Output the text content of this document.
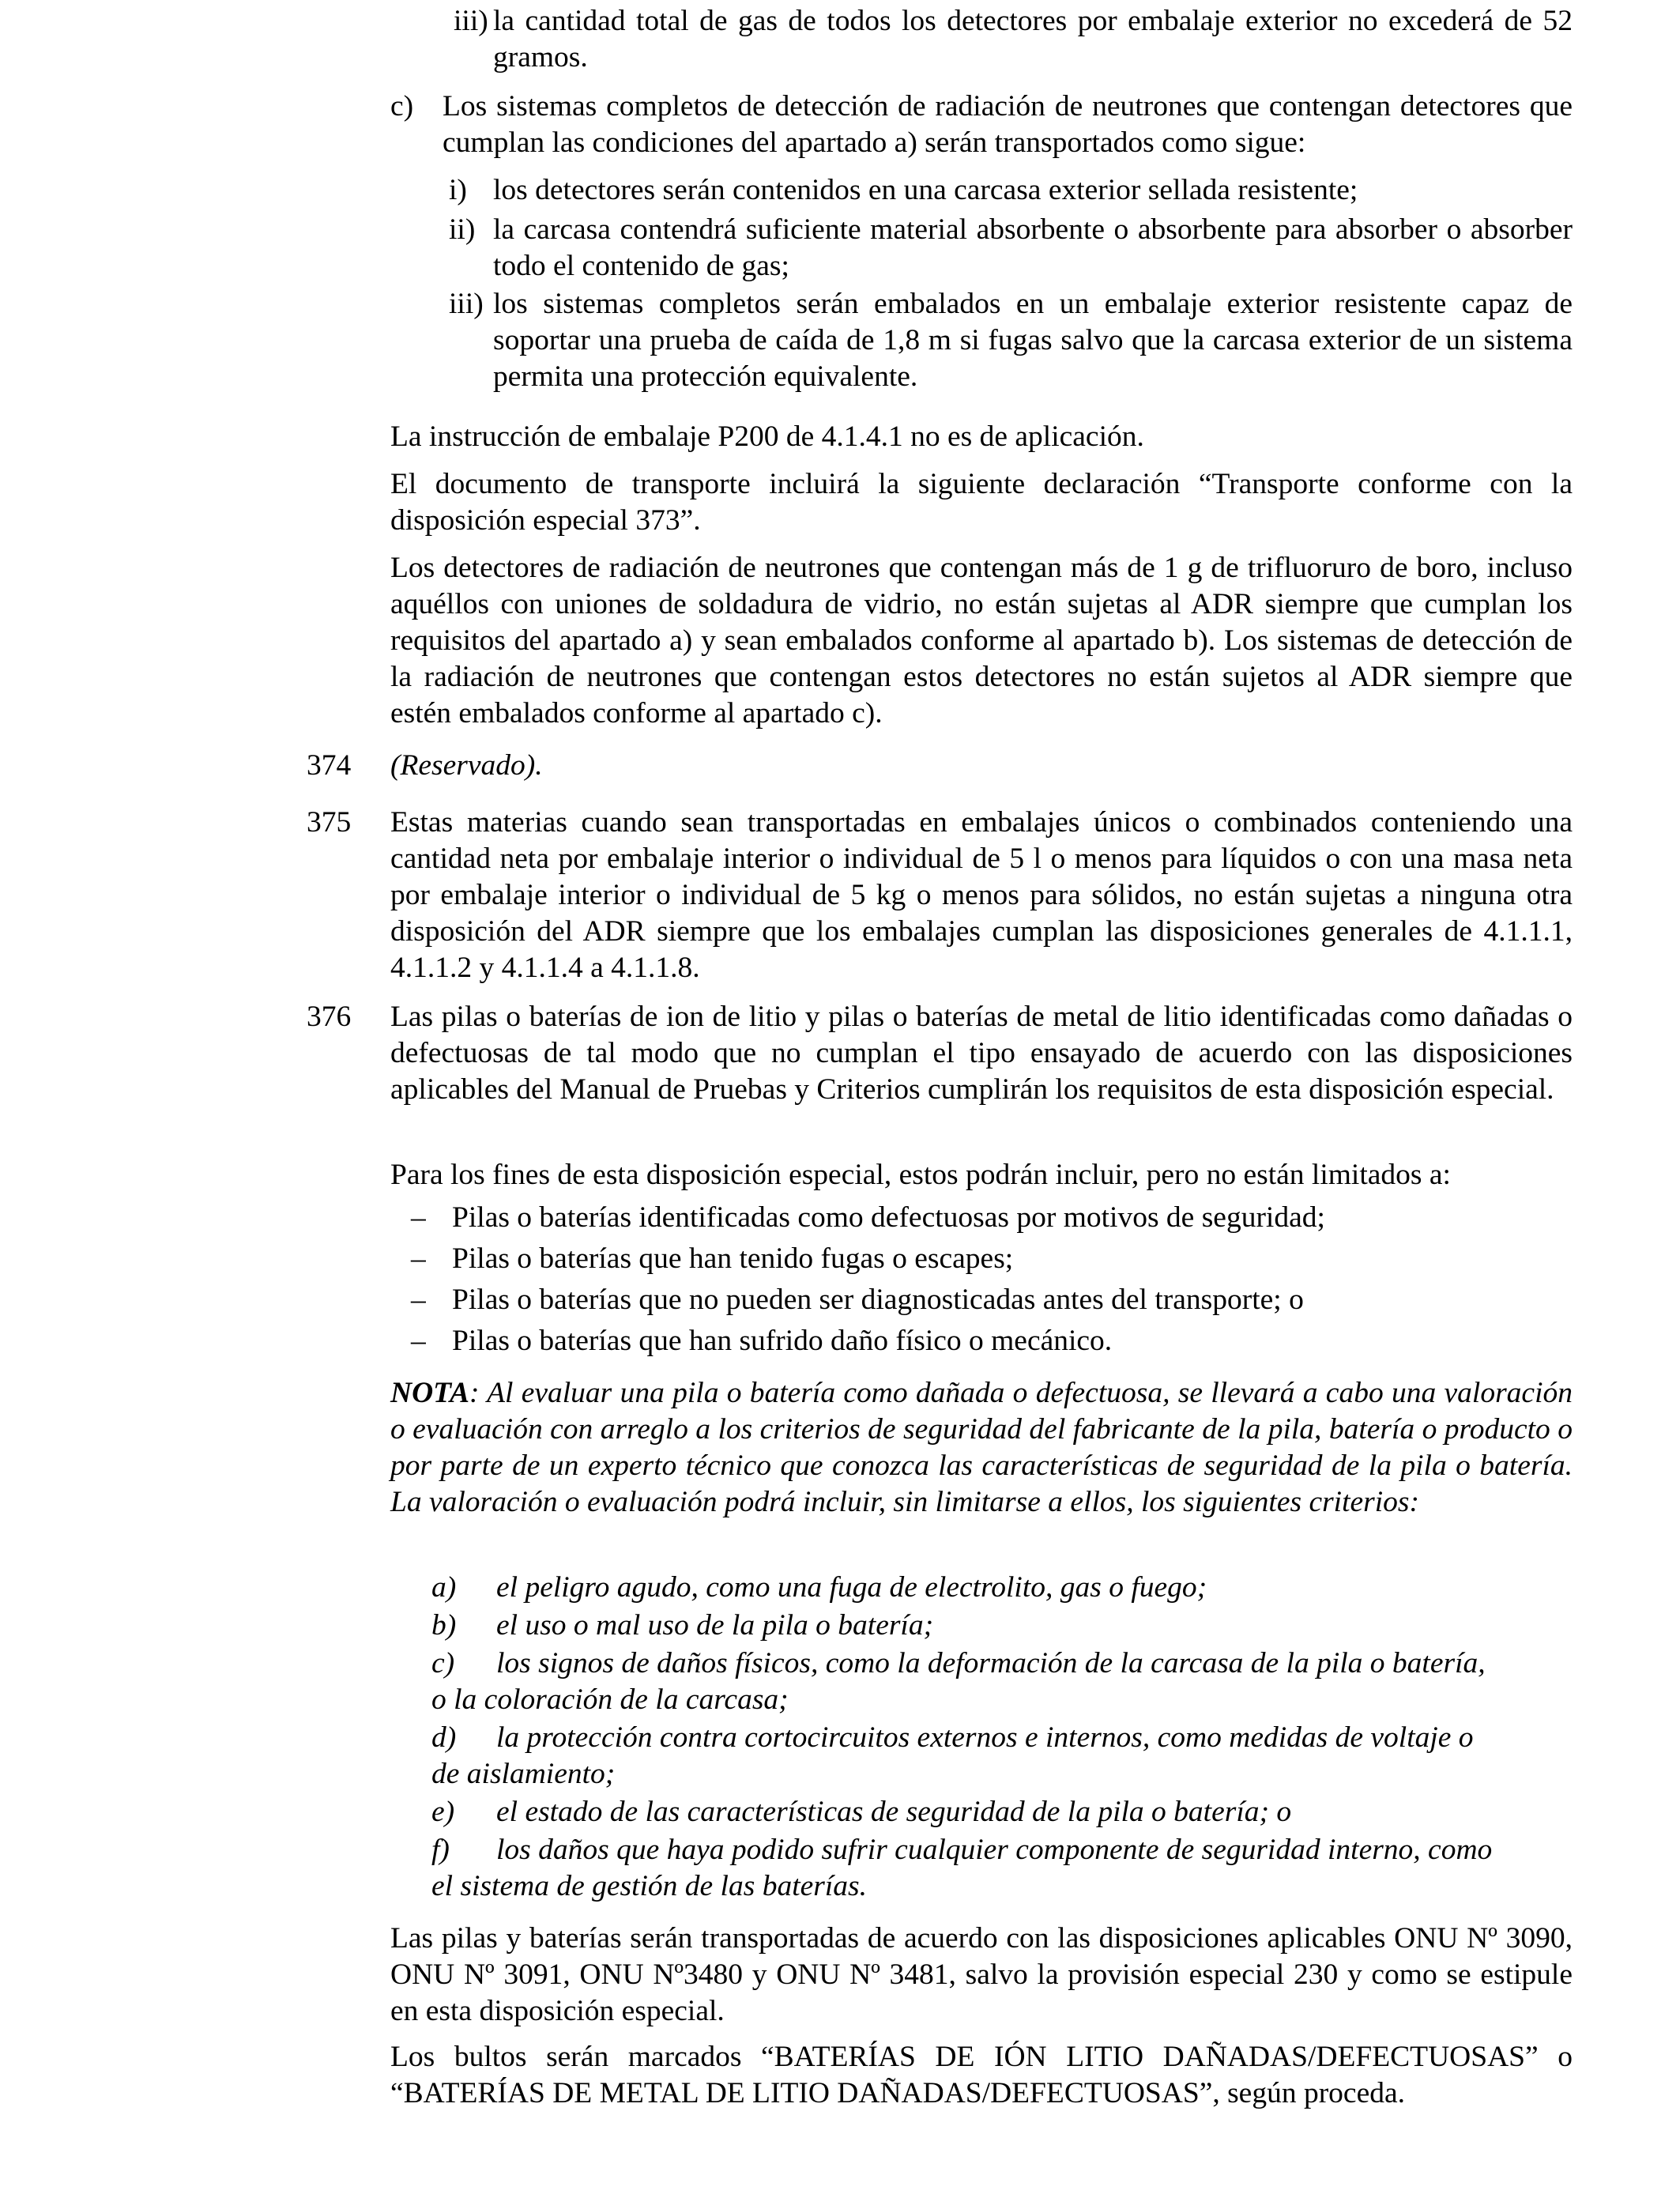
iii) la cantidad total de gas de todos los detectores por embalaje exterior no excederá de 52 gramos.

c) Los sistemas completos de detección de radiación de neutrones que contengan detectores que cumplan las condiciones del apartado a) serán transportados como sigue:

i) los detectores serán contenidos en una carcasa exterior sellada resistente;

ii) la carcasa contendrá suficiente material absorbente o absorbente para absorber o absorber todo el contenido de gas;

iii) los sistemas completos serán embalados en un embalaje exterior resistente capaz de soportar una prueba de caída de 1,8 m si fugas salvo que la carcasa exterior de un sistema permita una protección equivalente.

La instrucción de embalaje P200 de 4.1.4.1 no es de aplicación.

El documento de transporte incluirá la siguiente declaración “Transporte conforme con la disposición especial 373”.

Los detectores de radiación de neutrones que contengan más de 1 g de trifluoruro de boro, incluso aquéllos con uniones de soldadura de vidrio, no están sujetas al ADR siempre que cumplan los requisitos del apartado a) y sean embalados conforme al apartado b). Los sistemas de detección de la radiación de neutrones que contengan estos detectores no están sujetos al ADR siempre que estén embalados conforme al apartado c).

374 (Reservado).

375 Estas materias cuando sean transportadas en embalajes únicos o combinados conteniendo una cantidad neta por embalaje interior o individual de 5 l o menos para líquidos o con una masa neta por embalaje interior o individual de 5 kg o menos para sólidos, no están sujetas a ninguna otra disposición del ADR siempre que los embalajes cumplan las disposiciones generales de 4.1.1.1, 4.1.1.2 y 4.1.1.4 a 4.1.1.8.

376 Las pilas o baterías de ion de litio y pilas o baterías de metal de litio identificadas como dañadas o defectuosas de tal modo que no cumplan el tipo ensayado de acuerdo con las disposiciones aplicables del Manual de Pruebas y Criterios cumplirán los requisitos de esta disposición especial.

Para los fines de esta disposición especial, estos podrán incluir, pero no están limitados a:

– Pilas o baterías identificadas como defectuosas por motivos de seguridad;

– Pilas o baterías que han tenido fugas o escapes;

– Pilas o baterías que no pueden ser diagnosticadas antes del transporte; o

– Pilas o baterías que han sufrido daño físico o mecánico.

NOTA: Al evaluar una pila o batería como dañada o defectuosa, se llevará a cabo una valoración o evaluación con arreglo a los criterios de seguridad del fabricante de la pila, batería o producto o por parte de un experto técnico que conozca las características de seguridad de la pila o batería. La valoración o evaluación podrá incluir, sin limitarse a ellos, los siguientes criterios:

a) el peligro agudo, como una fuga de electrolito, gas o fuego;

b) el uso o mal uso de la pila o batería;

c) los signos de daños físicos, como la deformación de la carcasa de la pila o batería,

o la coloración de la carcasa;

d) la protección contra cortocircuitos externos e internos, como medidas de voltaje o

de aislamiento;

e) el estado de las características de seguridad de la pila o batería; o

f) los daños que haya podido sufrir cualquier componente de seguridad interno, como

el sistema de gestión de las baterías.

Las pilas y baterías serán transportadas de acuerdo con las disposiciones aplicables ONU Nº 3090, ONU Nº 3091, ONU Nº3480 y ONU Nº 3481, salvo la provisión especial 230 y como se estipule en esta disposición especial.

Los bultos serán marcados “BATERÍAS DE IÓN LITIO DAÑADAS/DEFECTUOSAS” o “BATERÍAS DE METAL DE LITIO DAÑADAS/DEFECTUOSAS”, según proceda.
